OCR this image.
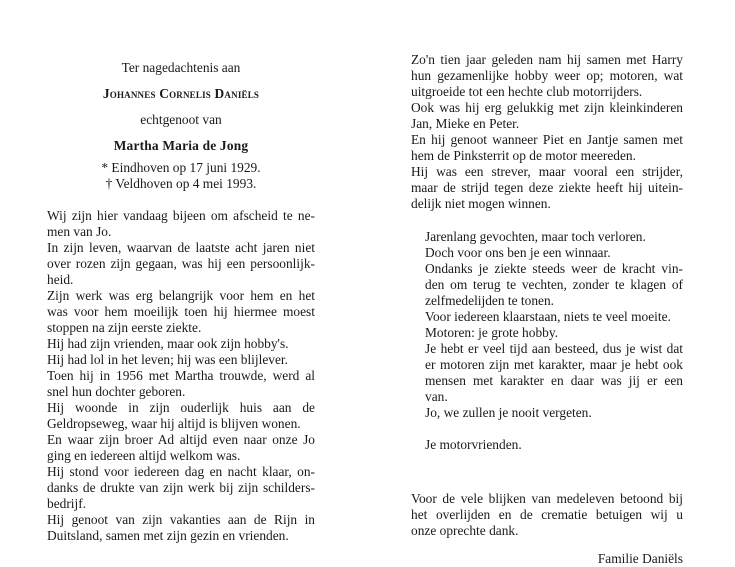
Ter nagedachtenis aan
Johannes Cornelis Daniëls
echtgenoot van
Martha Maria de Jong
* Eindhoven op 17 juni 1929.
† Veldhoven op 4 mei 1993.
Wij zijn hier vandaag bijeen om afscheid te ne-
men van Jo.
In zijn leven, waarvan de laatste acht jaren niet
over rozen zijn gegaan, was hij een persoonlijk-
heid.
Zijn werk was erg belangrijk voor hem en het
was voor hem moeilijk toen hij hiermee moest
stoppen na zijn eerste ziekte.
Hij had zijn vrienden, maar ook zijn hobby's.
Hij had lol in het leven; hij was een blijlever.
Toen hij in 1956 met Martha trouwde, werd al
snel hun dochter geboren.
Hij woonde in zijn ouderlijk huis aan de
Geldropseweg, waar hij altijd is blijven wonen.
En waar zijn broer Ad altijd even naar onze Jo
ging en iedereen altijd welkom was.
Hij stond voor iedereen dag en nacht klaar, on-
danks de drukte van zijn werk bij zijn schilders-
bedrijf.
Hij genoot van zijn vakanties aan de Rijn in
Duitsland, samen met zijn gezin en vrienden.
Zo'n tien jaar geleden nam hij samen met Harry
hun gezamenlijke hobby weer op; motoren, wat
uitgroeide tot een hechte club motorrijders.
Ook was hij erg gelukkig met zijn kleinkinderen
Jan, Mieke en Peter.
En hij genoot wanneer Piet en Jantje samen met
hem de Pinksterrit op de motor meereden.
Hij was een strever, maar vooral een strijder,
maar de strijd tegen deze ziekte heeft hij uitein-
delijk niet mogen winnen.
Jarenlang gevochten, maar toch verloren.
Doch voor ons ben je een winnaar.
Ondanks je ziekte steeds weer de kracht vin-
den om terug te vechten, zonder te klagen of
zelfmedelijden te tonen.
Voor iedereen klaarstaan, niets te veel moeite.
Motoren: je grote hobby.
Je hebt er veel tijd aan besteed, dus je wist dat
er motoren zijn met karakter, maar je hebt ook
mensen met karakter en daar was jij er een
van.
Jo, we zullen je nooit vergeten.
Je motorvrienden.
Voor de vele blijken van medeleven betoond bij
het overlijden en de crematie betuigen wij u
onze oprechte dank.
Familie Daniëls
